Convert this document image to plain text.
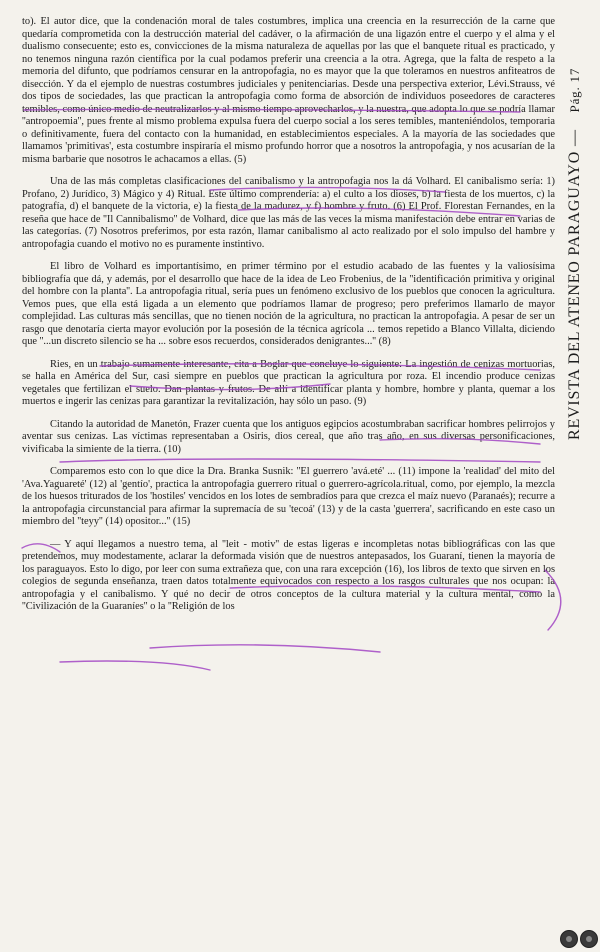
to). El autor dice, que la condenación moral de tales costumbres, implica una creencia en la resurrección de la carne que quedaría comprometida con la destrucción material del cadáver, o la afirmación de una ligazón entre el cuerpo y el alma y el dualismo consecuente; esto es, convicciones de la misma naturaleza de aquellas por las que el banquete ritual es practicado, y no tenemos ninguna razón científica por la cual podamos preferir una creencia a la otra. Agrega, que la falta de respeto a la memoria del difunto, que podríamos censurar en la antropofagia, no es mayor que la que toleramos en nuestros anfiteatros de disección. Y da el ejemplo de nuestras costumbres judiciales y penitenciarias. Desde una perspectiva exterior, Lévi.Strauss, vé dos tipos de sociedades, las que practican la antropofagia como forma de absorción de individuos poseedores de caracteres temibles, como único medio de neutralizarlos y al mismo tiempo aprovecharlos, y la nuestra, que adopta lo que se podría llamar ''antropoemia'', pues frente al mismo problema expulsa fuera del cuerpo social a los seres temibles, manteniéndolos, temporaria o definitivamente, fuera del contacto con la humanidad, en establecimientos especiales. A la mayoría de las sociedades que llamamos 'primitivas', esta costumbre inspiraría el mismo profundo horror que a nosotros la antropofagia, y nos acusarían de la misma barbarie que nosotros le achacamos a ellas. (5)

Una de las más completas clasificaciones del canibalismo y la antropofagia nos la dá Volhard. El canibalismo sería: 1) Profano, 2) Jurídico, 3) Mágico y 4) Ritual. Este último comprendería: a) el culto a los dioses, b) la fiesta de los muertos, c) la patografía, d) el banquete de la victoria, e) la fiesta de la madurez, y f) hombre y fruto. (6) El Prof. Florestan Fernandes, en la reseña que hace de ''Il Cannibalismo'' de Volhard, dice que las más de las veces la misma manifestación debe entrar en varias de las categorías. (7) Nosotros preferimos, por esta razón, llamar canibalismo al acto realizado por el solo impulso del hambre y antropofagia cuando el motivo no es puramente instintivo.

El libro de Volhard es importantísimo, en primer término por el estudio acabado de las fuentes y la valiosísima bibliografía que dá, y además, por el desarrollo que hace de la idea de Leo Frobenius, de la ''identificación primitiva y original del hombre con la planta''. La antropofagia ritual, sería pues un fenómeno exclusivo de los pueblos que conocen la agricultura. Vemos pues, que ella está ligada a un elemento que podríamos llamar de progreso; pero preferimos llamarlo de mayor complejidad. Las culturas más sencillas, que no tienen noción de la agricultura, no practican la antropofagia. A pesar de ser un rasgo que denotaría cierta mayor evolución por la posesión de la técnica agrícola ... temos repetido a Blanco Villalta, diciendo que ''...un discreto silencio se ha ... sobre esos recuerdos, considerados denigrantes...'' (8)

Ries, en un trabajo sumamente interesante, cita a Boglar que concluye lo siguiente: La ingestión de cenizas mortuorias, se halla en América del Sur, casi siempre en pueblos que practican la agricultura por roza. El incendio produce cenizas vegetales que fertilizan el suelo. Dan plantas y frutos. De allí a identificar planta y hombre, hombre y planta, quemar a los muertos e ingerir las cenizas para garantizar la revitalización, hay sólo un paso. (9)

Citando la autoridad de Manetón, Frazer cuenta que los antiguos egipcios acostumbraban sacrificar hombres pelirrojos y aventar sus cenizas. Las víctimas representaban a Osiris, dios cereal, que año tras año, en sus diversas personificaciones, vivificaba la simiente de la tierra. (10)

Comparemos esto con lo que dice la Dra. Branka Susnik: ''El guerrero 'avá.eté' ... (11) impone la 'realidad' del mito del 'Ava.Yaguareté' (12) al 'gentío', practica la antropofagia guerrero ritual o guerrero-agrícola.ritual, como, por ejemplo, la mezcla de los huesos triturados de los 'hostiles' vencidos en los lotes de sembradíos para que crezca el maíz nuevo (Paranaés); recurre a la antropofagia circunstancial para afirmar la supremacía de su 'tecoá' (13) y de la casta 'guerrera', sacrificando en este caso un miembro del ''teyy'' (14) opositor...'' (15)

— Y aquí llegamos a nuestro tema, al ''leit - motiv'' de estas ligeras e incompletas notas bibliográficas con las que pretendemos, muy modestamente, aclarar la deformada visión que de nuestros antepasados, los Guaraní, tienen la mayoría de los paraguayos. Esto lo digo, por leer con suma extrañeza que, con una rara excepción (16), los libros de texto que sirven en los colegios de segunda enseñanza, traen datos totalmente equivocados con respecto a los rasgos culturales que nos ocupan: la antropofagia y el canibalismo. Y qué no decir de otros conceptos de la cultura material y la cultura mental, como la ''Civilización de la Guaraníes'' o la ''Religión de los

REVISTA DEL ATENEO PARAGUAYO — Pág. 17
